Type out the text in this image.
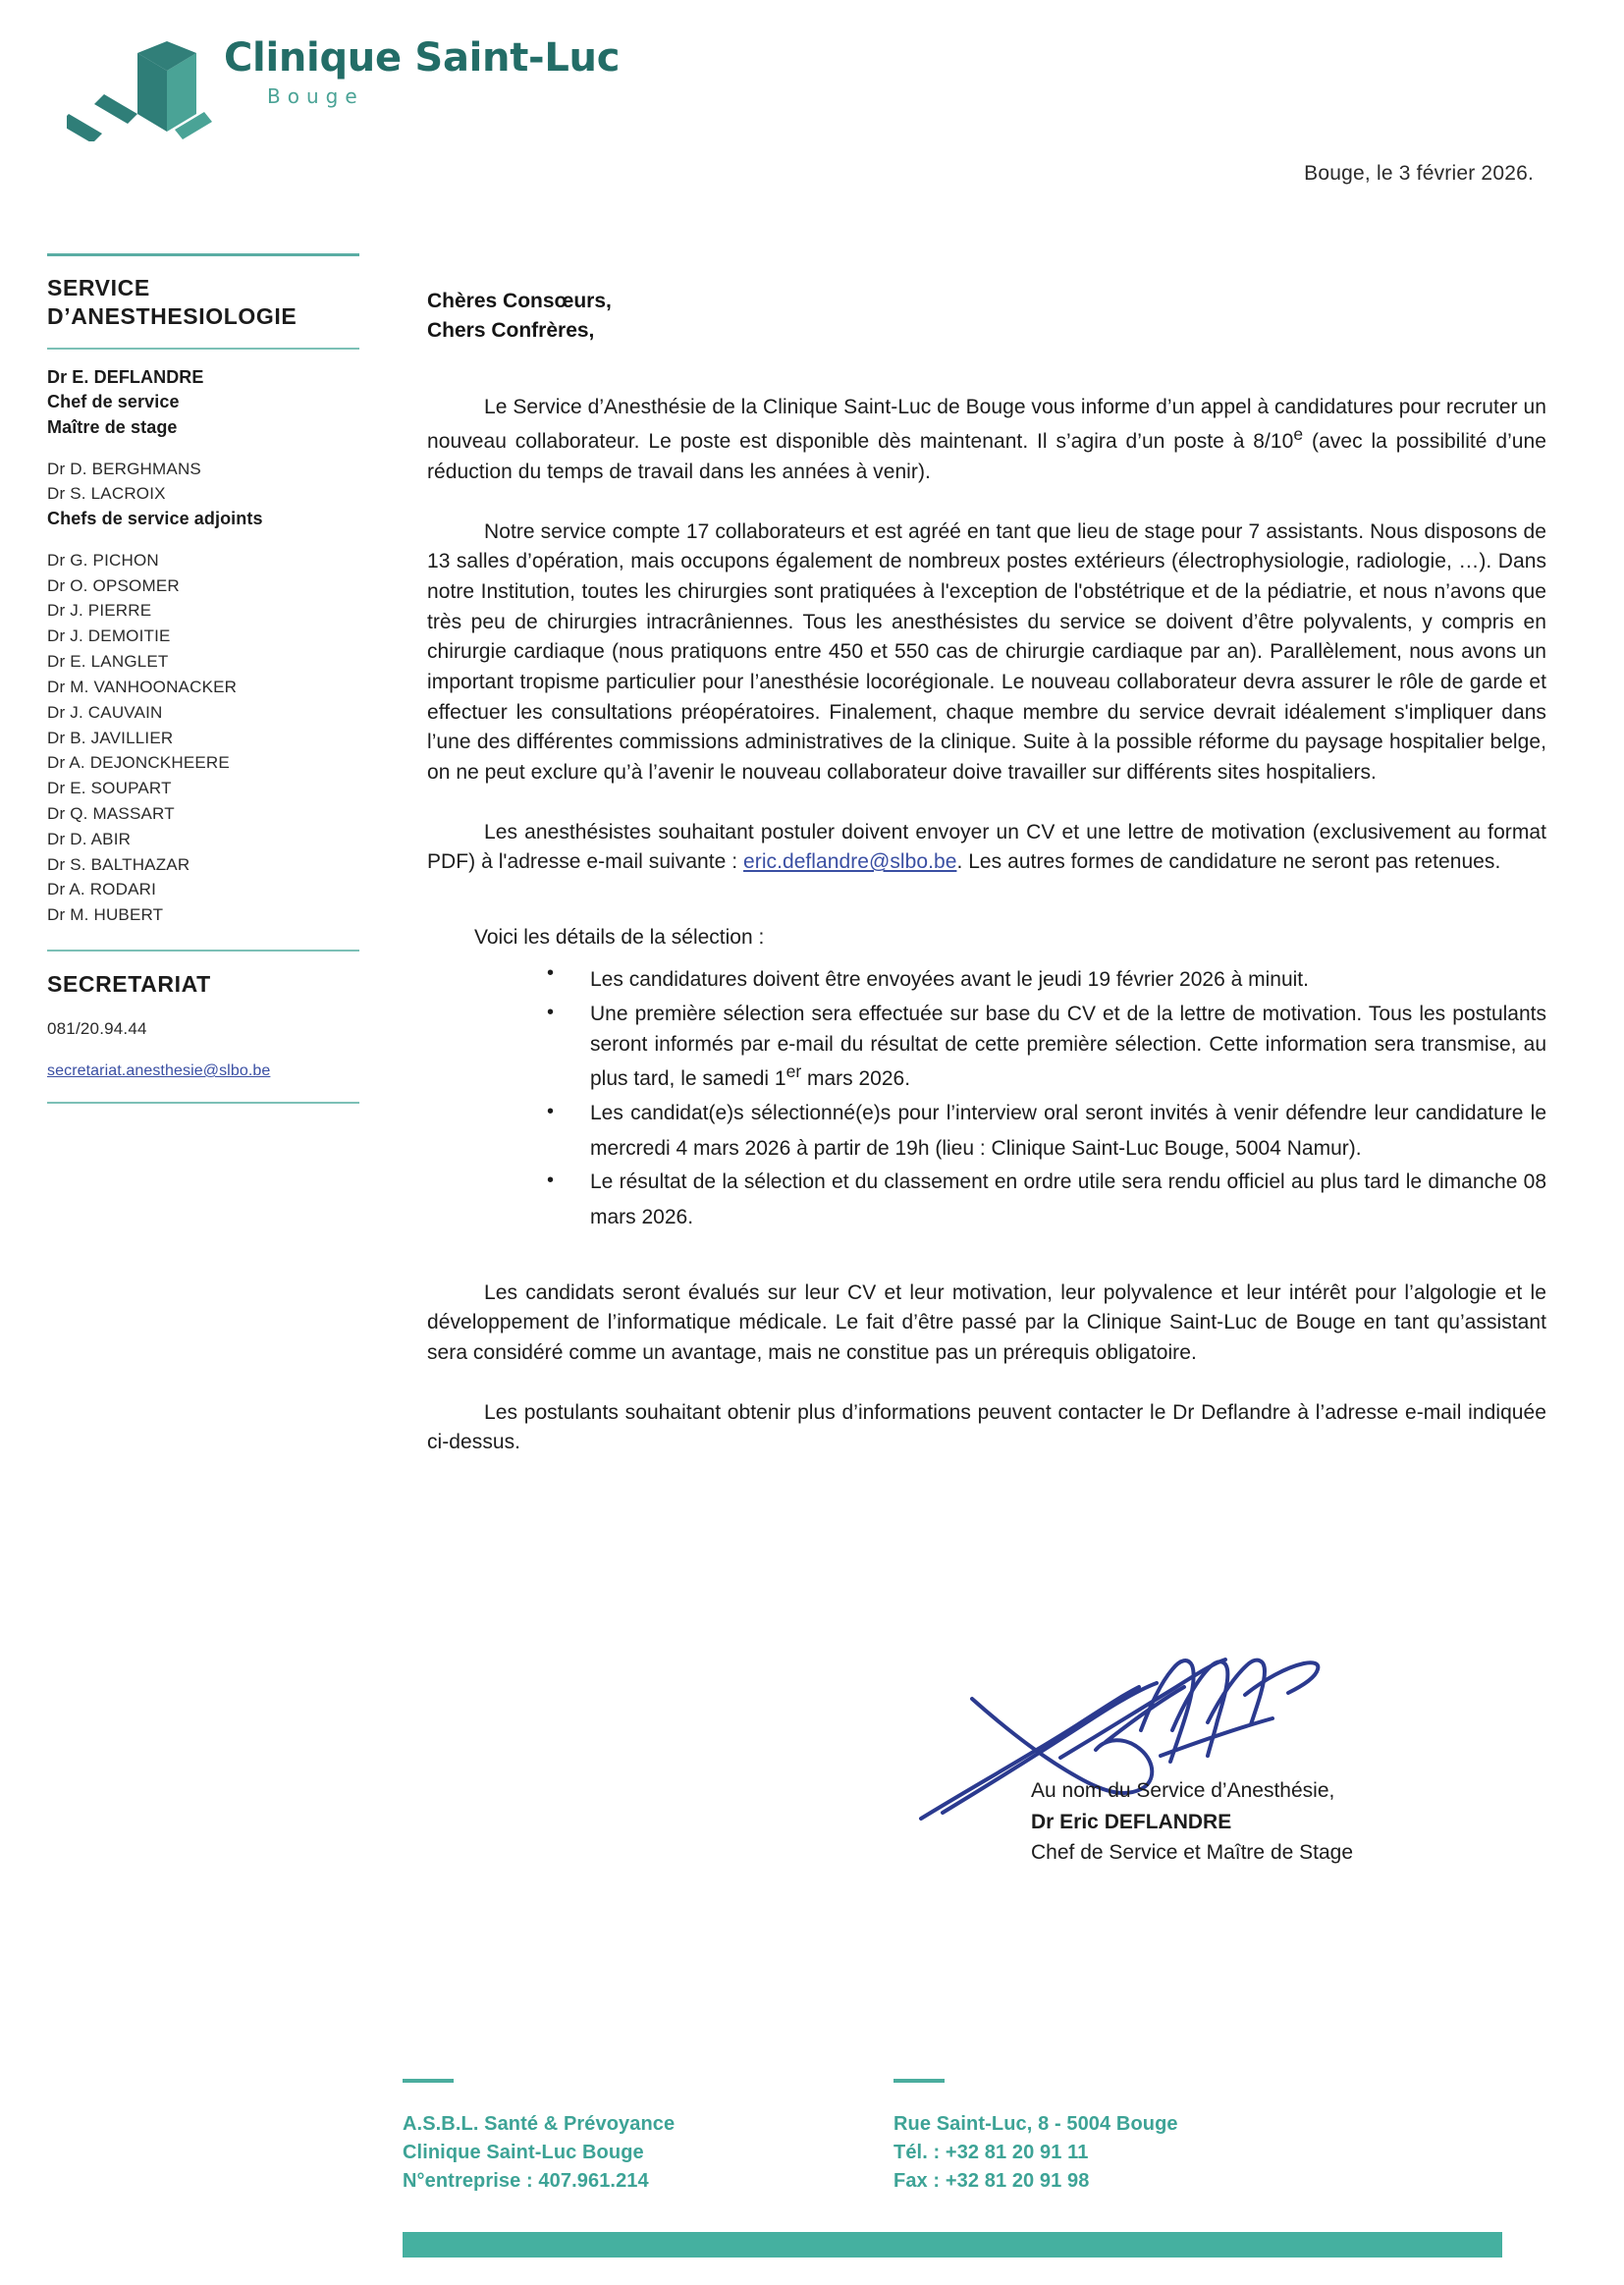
Clinique Saint-Luc
Bouge
Bouge, le 3 février 2026.
SERVICE
D’ANESTHESIOLOGIE
Dr E. DEFLANDRE
Chef de service
Maître de stage
Dr D. BERGHMANS
Dr S. LACROIX
Chefs de service adjoints
Dr G. PICHON
Dr O. OPSOMER
Dr J. PIERRE
Dr J. DEMOITIE
Dr E. LANGLET
Dr M. VANHOONACKER
Dr J. CAUVAIN
Dr B. JAVILLIER
Dr A. DEJONCKHEERE
Dr E. SOUPART
Dr Q. MASSART
Dr D. ABIR
Dr S. BALTHAZAR
Dr A. RODARI
Dr M. HUBERT
SECRETARIAT
081/20.94.44
secretariat.anesthesie@slbo.be
Chères Consœurs,
Chers Confrères,

Le Service d’Anesthésie de la Clinique Saint-Luc de Bouge vous informe d’un appel à candidatures pour recruter un nouveau collaborateur. Le poste est disponible dès maintenant. Il s’agira d’un poste à 8/10e (avec la possibilité d’une réduction du temps de travail dans les années à venir).

Notre service compte 17 collaborateurs et est agréé en tant que lieu de stage pour 7 assistants. Nous disposons de 13 salles d’opération, mais occupons également de nombreux postes extérieurs (électrophysiologie, radiologie, …). Dans notre Institution, toutes les chirurgies sont pratiquées à l'exception de l'obstétrique et de la pédiatrie, et nous n’avons que très peu de chirurgies intracrâniennes. Tous les anesthésistes du service se doivent d’être polyvalents, y compris en chirurgie cardiaque (nous pratiquons entre 450 et 550 cas de chirurgie cardiaque par an). Parallèlement, nous avons un important tropisme particulier pour l’anesthésie locorégionale. Le nouveau collaborateur devra assurer le rôle de garde et effectuer les consultations préopératoires. Finalement, chaque membre du service devrait idéalement s'impliquer dans l’une des différentes commissions administratives de la clinique. Suite à la possible réforme du paysage hospitalier belge, on ne peut exclure qu’à l’avenir le nouveau collaborateur doive travailler sur différents sites hospitaliers.

Les anesthésistes souhaitant postuler doivent envoyer un CV et une lettre de motivation (exclusivement au format PDF) à l'adresse e-mail suivante : eric.deflandre@slbo.be. Les autres formes de candidature ne seront pas retenues.

Voici les détails de la sélection :
• Les candidatures doivent être envoyées avant le jeudi 19 février 2026 à minuit.
• Une première sélection sera effectuée sur base du CV et de la lettre de motivation. Tous les postulants seront informés par e-mail du résultat de cette première sélection. Cette information sera transmise, au plus tard, le samedi 1er mars 2026.
• Les candidat(e)s sélectionné(e)s pour l’interview oral seront invités à venir défendre leur candidature le mercredi 4 mars 2026 à partir de 19h (lieu : Clinique Saint-Luc Bouge, 5004 Namur).
• Le résultat de la sélection et du classement en ordre utile sera rendu officiel au plus tard le dimanche 08 mars 2026.

Les candidats seront évalués sur leur CV et leur motivation, leur polyvalence et leur intérêt pour l’algologie et le développement de l’informatique médicale. Le fait d’être passé par la Clinique Saint-Luc de Bouge en tant qu’assistant sera considéré comme un avantage, mais ne constitue pas un prérequis obligatoire.

Les postulants souhaitant obtenir plus d’informations peuvent contacter le Dr Deflandre à l’adresse e-mail indiquée ci-dessus.

Au nom du Service d’Anesthésie,
Dr Eric DEFLANDRE
Chef de Service et Maître de Stage
A.S.B.L. Santé & Prévoyance
Clinique Saint-Luc Bouge
N°entreprise : 407.961.214
Rue Saint-Luc, 8 - 5004 Bouge
Tél. : +32 81 20 91 11
Fax : +32 81 20 91 98
